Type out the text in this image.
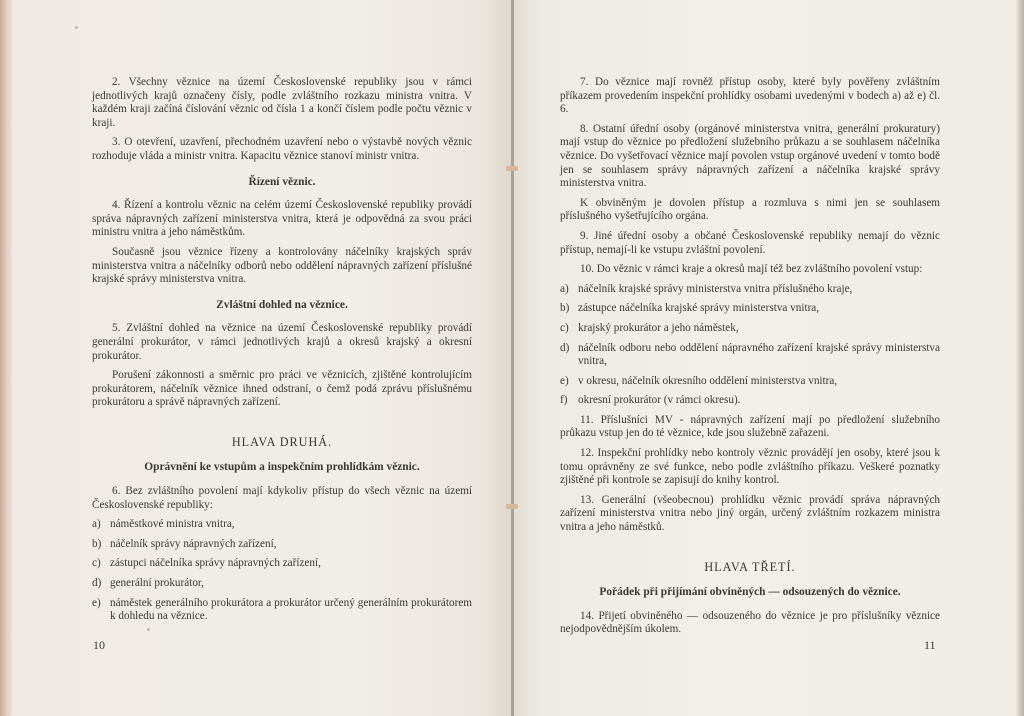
2. Všechny věznice na území Československé republiky jsou v rámci jednotlivých krajů označeny čísly, podle zvláštního rozkazu ministra vnitra. V každém kraji začíná číslování věznic od čísla 1 a končí číslem podle počtu věznic v kraji.

3. O otevření, uzavření, přechodném uzavření nebo o výstavbě nových věznic rozhoduje vláda a ministr vnitra. Kapacitu věznice stanoví ministr vnitra.

Řízení věznic.

4. Řízení a kontrolu věznic na celém území Československé republiky provádí správa nápravných zařízení ministerstva vnitra, která je odpovědná za svou práci ministru vnitra a jeho náměstkům.

Současně jsou věznice řízeny a kontrolovány náčelníky krajských správ ministerstva vnitra a náčelníky odborů nebo oddělení nápravných zařízení příslušné krajské správy ministerstva vnitra.

Zvláštní dohled na věznice.

5. Zvláštní dohled na věznice na území Československé republiky provádí generální prokurátor, v rámci jednotlivých krajů a okresů krajský a okresní prokurátor.

Porušení zákonnosti a směrnic pro práci ve věznicích, zjištěné kontrolujícím prokurátorem, náčelník věznice ihned odstraní, o čemž podá zprávu příslušnému prokurátoru a správě nápravných zařízení.

HLAVA DRUHÁ.
Oprávnění ke vstupům a inspekčním prohlídkám věznic.

6. Bez zvláštního povolení mají kdykoliv přístup do všech věznic na území Československé republiky:

a) náměstkové ministra vnitra,
b) náčelník správy nápravných zařízení,
c) zástupci náčelníka správy nápravných zařízení,
d) generální prokurátor,
e) náměstek generálního prokurátora a prokurátor určený generálním prokurátorem k dohledu na věznice.
10

7. Do věznice mají rovněž přístup osoby, které byly pověřeny zvláštním příkazem provedením inspekční prohlídky osobami uvedenými v bodech a) až e) čl. 6.

8. Ostatní úřední osoby (orgánové ministerstva vnitra, generální prokuratury) mají vstup do věznice po předložení služebního průkazu a se souhlasem náčelníka věznice. Do vyšetřovací věznice mají povolen vstup orgánové uvedení v tomto bodě jen se souhlasem správy nápravných zařízení a náčelníka krajské správy ministerstva vnitra.

K obviněným je dovolen přístup a rozmluva s nimi jen se souhlasem příslušného vyšetřujícího orgána.

9. Jiné úřední osoby a občané Československé republiky nemají do věznic přístup, nemají-li ke vstupu zvláštní povolení.

10. Do věznic v rámci kraje a okresů mají též bez zvláštního povolení vstup:

a) náčelník krajské správy ministerstva vnitra příslušného kraje,
b) zástupce náčelníka krajské správy ministerstva vnitra,
c) krajský prokurátor a jeho náměstek,
d) náčelník odboru nebo oddělení nápravného zařízení krajské správy ministerstva vnitra,
e) v okresu, náčelník okresního oddělení ministerstva vnitra,
f) okresní prokurátor (v rámci okresu).

11. Příslušníci MV - nápravných zařízení mají po předložení služebního průkazu vstup jen do té věznice, kde jsou služebně zařazeni.

12. Inspekční prohlídky nebo kontroly věznic provádějí jen osoby, které jsou k tomu oprávněny ze své funkce, nebo podle zvláštního příkazu. Veškeré poznatky zjištěné při kontrole se zapisují do knihy kontrol.

13. Generální (všeobecnou) prohlídku věznic provádí správa nápravných zařízení ministerstva vnitra nebo jiný orgán, určený zvláštním rozkazem ministra vnitra a jeho náměstků.

HLAVA TŘETÍ.
Pořádek při přijímání obviněných — odsouzených do věznice.

14. Přijetí obviněného — odsouzeného do věznice je pro příslušníky věznice nejodpovědnějším úkolem.

11
